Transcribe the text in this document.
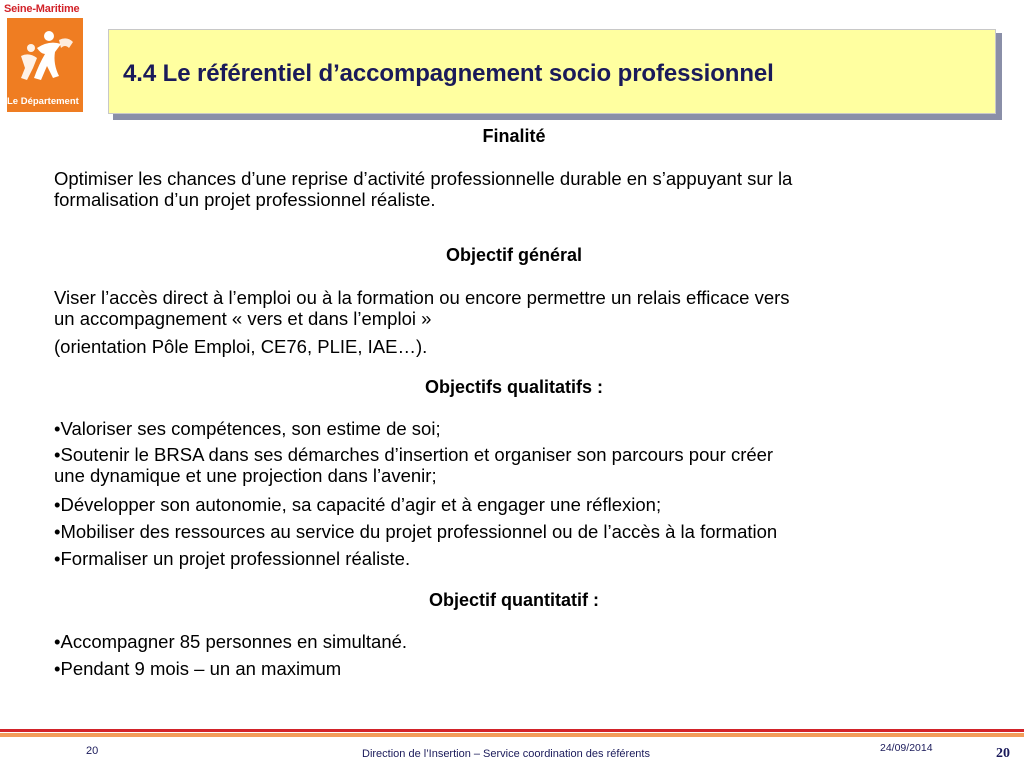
Seine-Maritime
Le Département
4.4 Le référentiel d’accompagnement socio professionnel
Finalité
Optimiser les chances d’une reprise d’activité professionnelle durable en s’appuyant sur la
formalisation d’un projet professionnel réaliste.
Objectif général
Viser l’accès direct à l’emploi ou à la formation ou encore permettre un relais efficace vers
un accompagnement « vers et dans l’emploi »
(orientation Pôle Emploi, CE76, PLIE, IAE…).
Objectifs qualitatifs :
•Valoriser ses compétences, son estime de soi;
•Soutenir le BRSA dans ses démarches d’insertion et organiser son parcours pour créer
une dynamique et une projection dans l’avenir;
•Développer son autonomie, sa capacité d’agir et à engager une réflexion;
•Mobiliser des ressources au service du projet professionnel ou de l’accès à la formation
•Formaliser un projet professionnel réaliste.
Objectif quantitatif :
•Accompagner 85 personnes en simultané.
•Pendant 9 mois – un an maximum
20	Direction de l’Insertion – Service coordination des référents	24/09/2014	20
